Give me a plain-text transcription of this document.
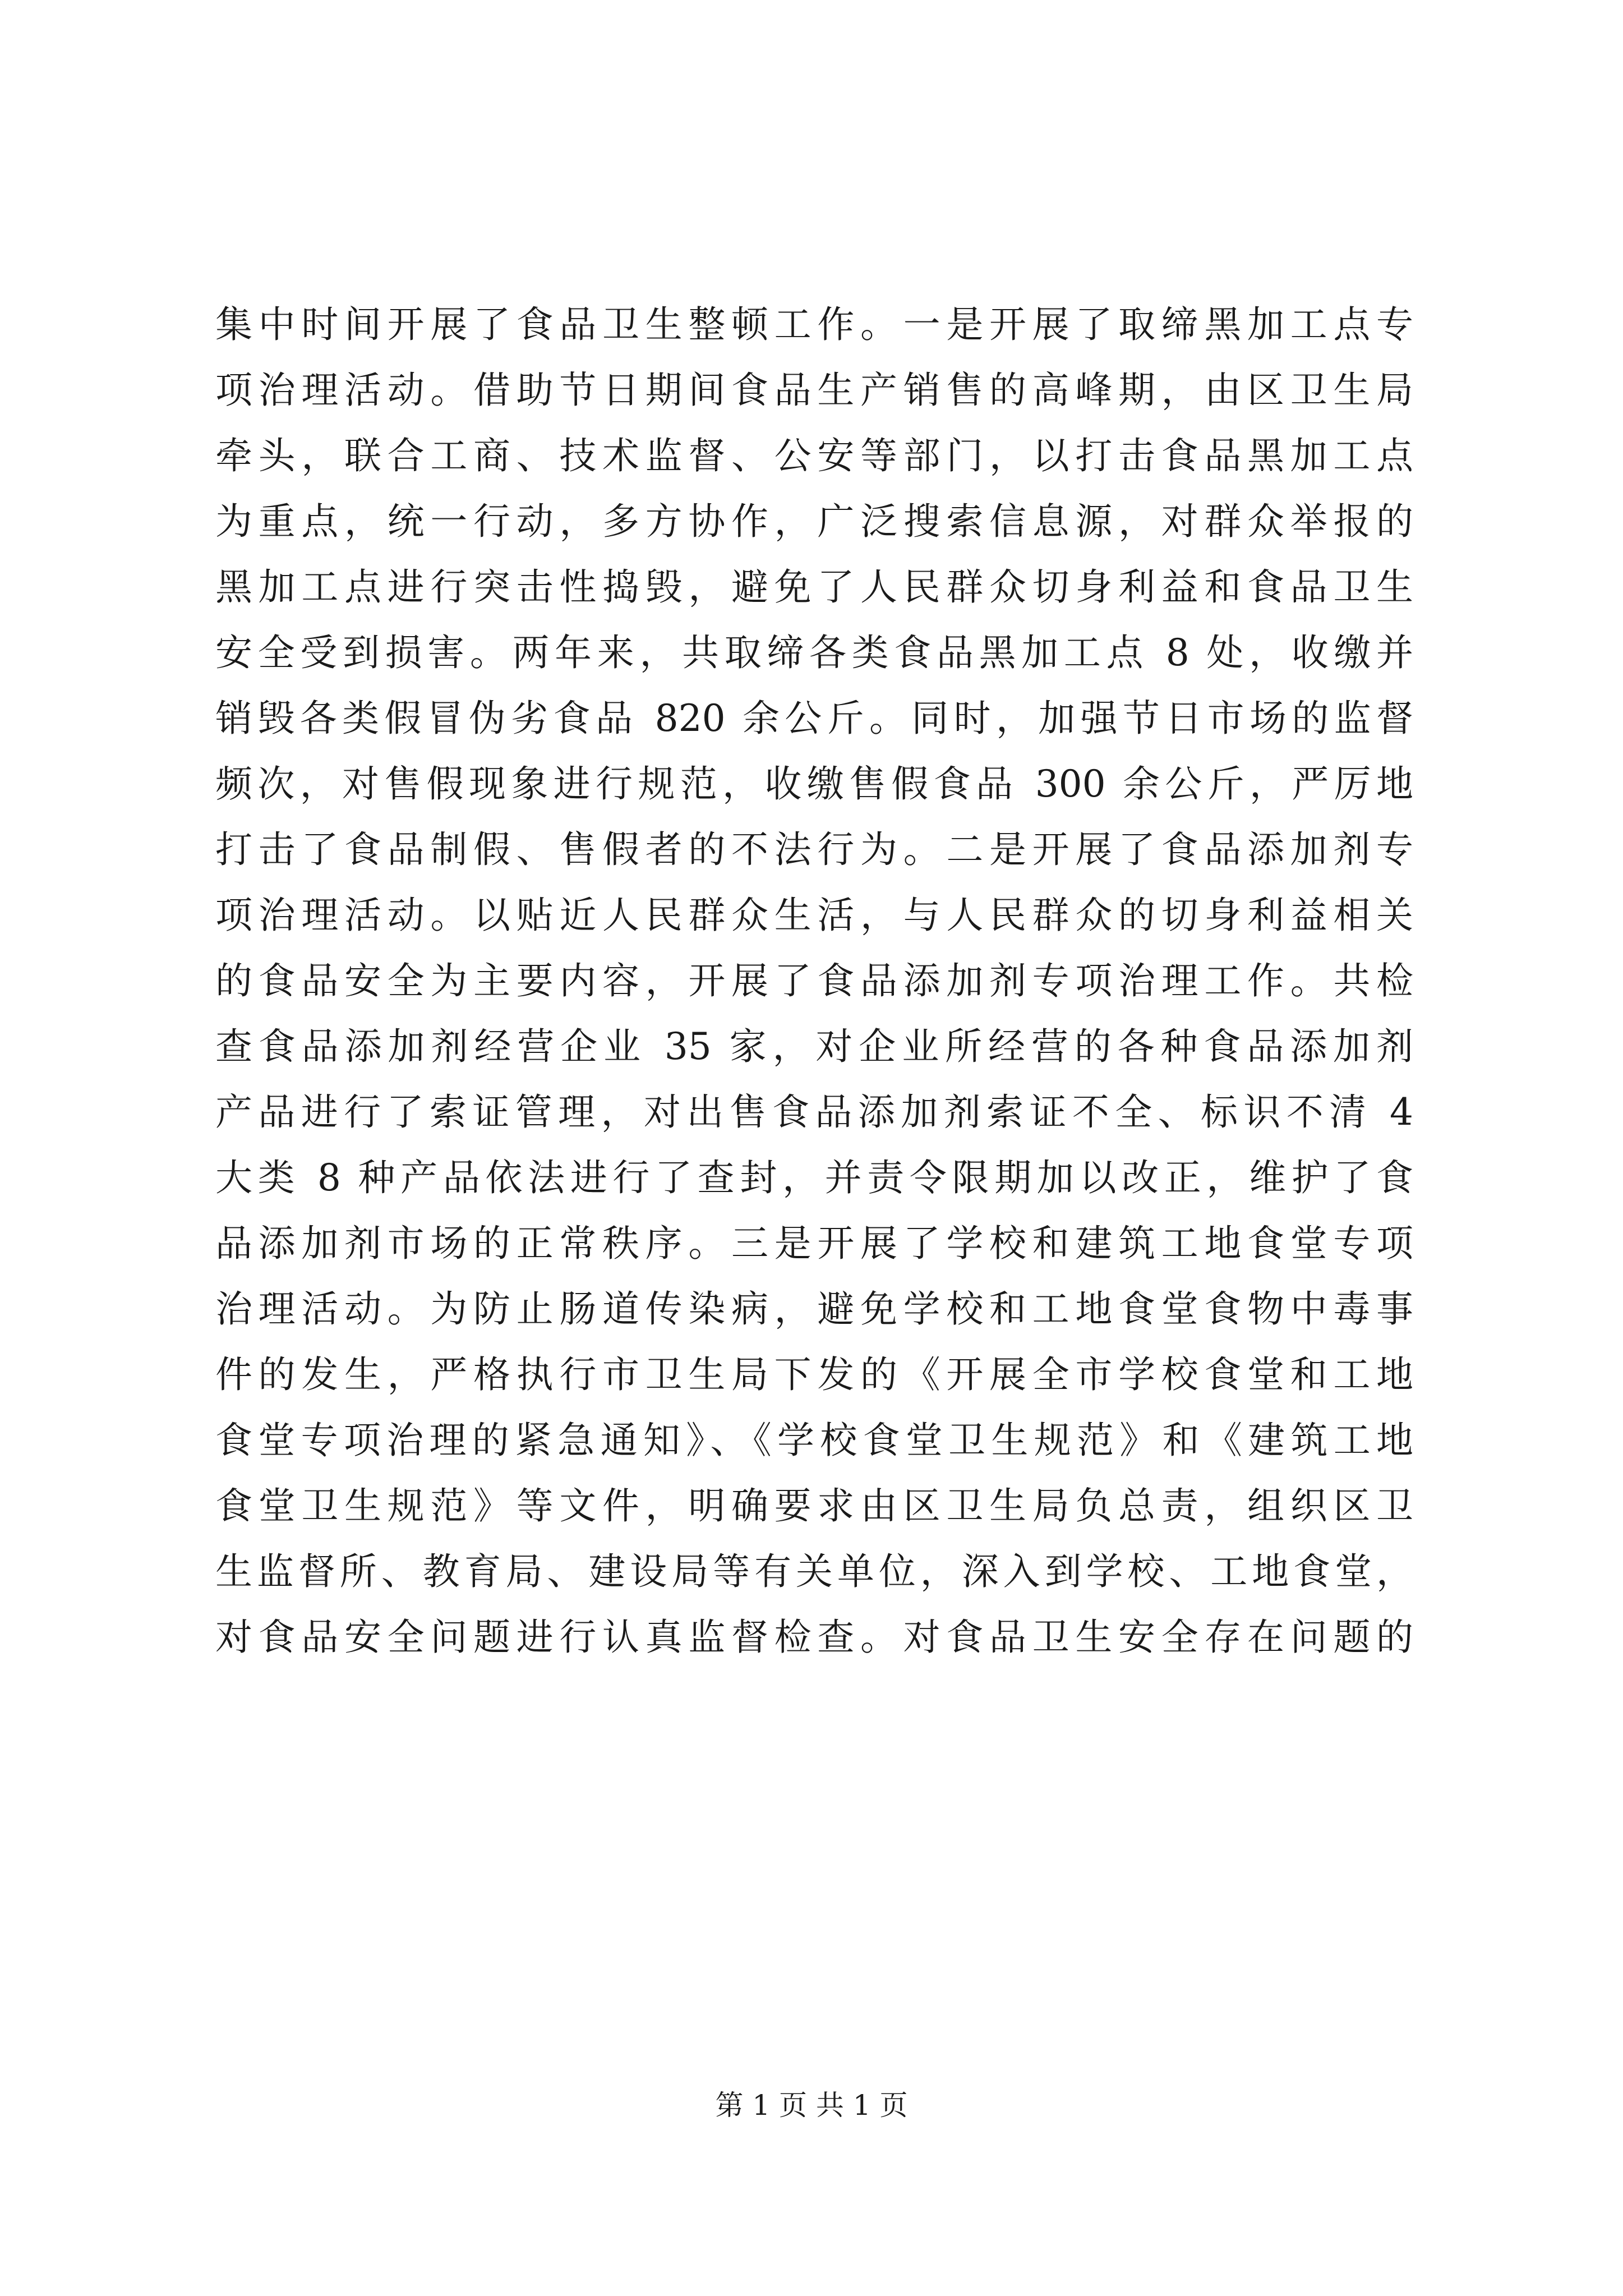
集中时间开展了食品卫生整顿工作。一是开展了取缔黑加工点专
项治理活动。借助节日期间食品生产销售的高峰期，由区卫生局
牵头，联合工商、技术监督、公安等部门，以打击食品黑加工点
为重点，统一行动，多方协作，广泛搜索信息源，对群众举报的
黑加工点进行突击性捣毁，避免了人民群众切身利益和食品卫生
安全受到损害。两年来，共取缔各类食品黑加工点 8 处，收缴并
销毁各类假冒伪劣食品 820 余公斤。同时，加强节日市场的监督
频次，对售假现象进行规范，收缴售假食品 300 余公斤，严厉地
打击了食品制假、售假者的不法行为。二是开展了食品添加剂专
项治理活动。以贴近人民群众生活，与人民群众的切身利益相关
的食品安全为主要内容，开展了食品添加剂专项治理工作。共检
查食品添加剂经营企业 35 家，对企业所经营的各种食品添加剂
产品进行了索证管理，对出售食品添加剂索证不全、标识不清 4
大类 8 种产品依法进行了查封，并责令限期加以改正，维护了食
品添加剂市场的正常秩序。三是开展了学校和建筑工地食堂专项
治理活动。为防止肠道传染病，避免学校和工地食堂食物中毒事
件的发生，严格执行市卫生局下发的《开展全市学校食堂和工地
食堂专项治理的紧急通知》、《学校食堂卫生规范》和《建筑工地
食堂卫生规范》等文件，明确要求由区卫生局负总责，组织区卫
生监督所、教育局、建设局等有关单位，深入到学校、工地食堂，
对食品安全问题进行认真监督检查。对食品卫生安全存在问题的
第 1 页 共 1 页
